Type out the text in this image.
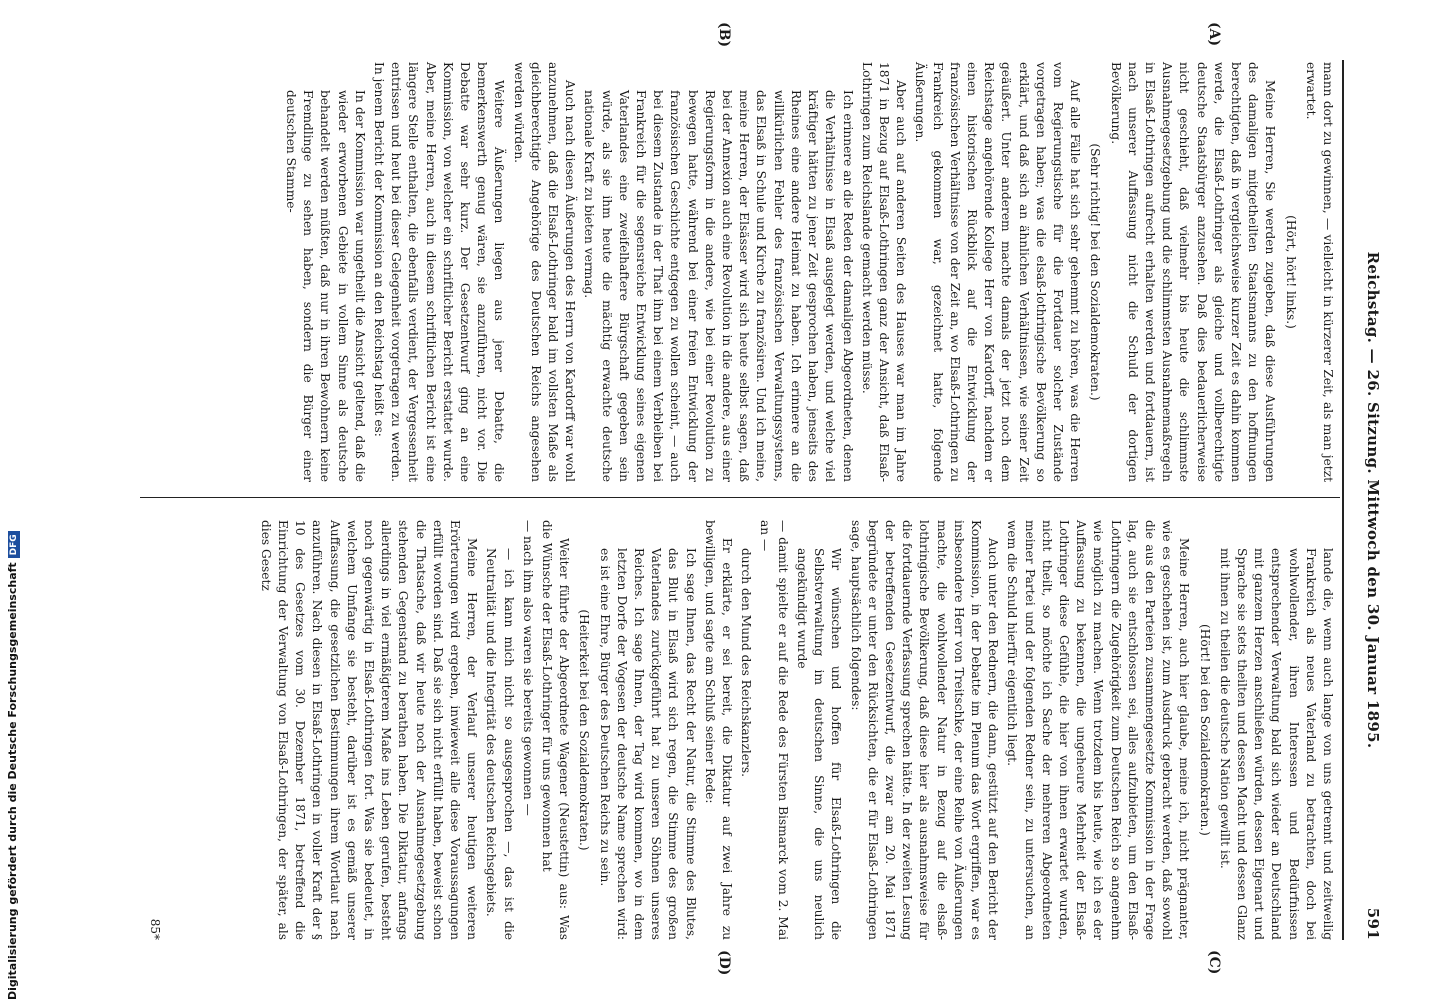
Reichstag. — 26. Sitzung. Mittwoch den 30. Januar 1895.
591
(A)
(B)
(C)
(D)

mann dort zu gewinnen, — vielleicht in kürzerer Zeit, als man jetzt erwartet.

(Hört, hört! links.)

Meine Herren, Sie werden zugeben, daß diese Ausführungen des damaligen mitgetheilten Staatsmanns zu den hoffnungen berechtigten, daß in vergleichsweise kurzer Zeit es dahin kommen werde, die Elsaß-Lothringer als gleiche und vollberechtigte deutsche Staatsbürger anzusehen. Daß dies bedauerlicherweise nicht geschieht, daß vielmehr bis heute die schlimmste Ausnahmegesetzgebung und die schlimmsten Ausnahmemaßregeln in Elsaß-Lothringen aufrecht erhalten werden und fortdauern, ist nach unserer Auffassung nicht die Schuld der dortigen Bevölkerung.

(Sehr richtig! bei den Sozialdemokraten.)

Auf alle Fälle hat sich sehr gehemmt zu hören, was die Herren vom Regierungstische für die Fortdauer solcher Zustände vorgetragen haben; was die elsaß-lothringische Bevölkerung so erklärt, und daß sich an ähnlichen Verhältnissen, wie seiner Zeit geäußert. Unter anderem machte damals der jetzt noch dem Reichstage angehörende Kollege Herr von Kardorff, nachdem er einen historischen Rückblick auf die Entwicklung der französischen Verhältnisse von der Zeit an, wo Elsaß-Lothringen zu Frankreich gekommen war, gezeichnet hatte, folgende Äußerungen.

Aber auch auf anderen Seiten des Hauses war man im Jahre 1871 in Bezug auf Elsaß-Lothringen ganz der Ansicht, daß Elsaß-Lothringen zum Reichslande gemacht werden müsse.

Ich erinnere an die Reden der damaligen Abgeordneten, denen die Verhältnisse in Elsaß ausgelegt werden, und welche viel kräftiger hätten zu jener Zeit gesprochen haben, jenseits des Rheines eine andere Heimat zu haben. Ich erinnere an die willkürlichen Fehler des französischen Verwaltungssystems, das Elsaß in Schule und Kirche zu französiren. Und ich meine, meine Herren, der Elsässer wird sich heute selbst sagen, daß bei der Annexion auch eine Revolution in die andere, aus einer Regierungsform in die andere, wie bei einer Revolution zu bewegen hatte, während bei einer freien Entwicklung der französischen Geschichte entgegen zu wollen scheint, — auch bei diesem Zustande in der That ihm bei einem Verbleiben bei Frankreich für die segensreiche Entwicklung seines eigenen Vaterlandes eine zweifelhaftere Bürgschaft gegeben sein würde, als sie ihm heute die mächtig erwachte deutsche nationale Kraft zu bieten vermag.

Auch nach diesen Äußerungen des Herrn von Kardorff war wohl anzunehmen, daß die Elsaß-Lothringer bald im vollsten Maße als gleichberechtigte Angehörige des Deutschen Reichs angesehen werden würden.

Weitere Äußerungen liegen aus jener Debatte, die bemerkenswerth genug wären, sie anzuführen, nicht vor. Die Debatte war sehr kurz. Der Gesetzentwurf ging an eine Kommission, von welcher ein schriftlicher Bericht erstattet wurde. Aber, meine Herren, auch in diesem schriftlichen Bericht ist eine längere Stelle enthalten, die ebenfalls verdient, der Vergessenheit entrissen und heut bei dieser Gelegenheit vorgetragen zu werden. In jenem Bericht der Kommission an den Reichstag heißt es:

In der Kommission war ungetheilt die Ansicht geltend, daß die wieder erworbenen Gebiete in vollem Sinne als deutsche behandelt werden müßten, daß nur in ihren Bewohnern keine Fremdlinge zu sehen haben, sondern die Bürger einer deutschen Stamme-

lande die, wenn auch lange von uns getrennt und zeitweilig Frankreich als neues Vaterland zu betrachten, doch bei wohlwollender, ihren Interessen und Bedürfnissen entsprechender Verwaltung bald sich wieder an Deutschland mit ganzem Herzen anschließen würden, dessen Eigenart und Sprache sie stets theilten und dessen Macht und dessen Glanz mit ihnen zu theilen die deutsche Nation gewillt ist.

(Hört! bei den Sozialdemokraten.)

Meine Herren, auch hier glaube, meine ich, nicht prägnanter, wie es geschehen ist, zum Ausdruck gebracht werden, daß sowohl die aus den Parteien zusammengesetzte Kommission in der Frage lag, auch sie entschlossen sei, alles aufzubieten, um den Elsaß-Lothringern die Zugehörigkeit zum Deutschen Reich so angenehm wie möglich zu machen. Wenn trotzdem bis heute, wie ich es der Auffassung zu bekennen, die ungeheure Mehrheit der Elsaß-Lothringer diese Gefühle, die hier von ihnen erwartet wurden, nicht theilt, so möchte ich Sache der mehreren Abgeordneten meiner Partei und der folgenden Redner sein, zu untersuchen, an wem die Schuld hierfür eigentlich liegt.

Auch unter den Rednern, die dann, gestützt auf den Bericht der Kommission, in der Debatte im Plenum das Wort ergriffen, war es insbesondere Herr von Treitschke, der eine Reihe von Äußerungen machte, die wohlwollender Natur in Bezug auf die elsaß-lothringische Bevölkerung, daß diese hier als ausnahmsweise für die fortdauernde Verfassung sprechen hätte. In der zweiten Lesung der betreffenden Gesetzentwurf, die zwar am 20. Mai 1871 begründete er unter den Rücksichten, die er für Elsaß-Lothringen sage, hauptsächlich folgendes:

Wir wünschen und hoffen für Elsaß-Lothringen die Selbstverwaltung im deutschen Sinne, die uns neulich angekündigt wurde

— damit spielte er auf die Rede des Fürsten Bismarck vom 2. Mai an —

durch den Mund des Reichskanzlers.

Er erklärte, er sei bereit, die Diktatur auf zwei Jahre zu bewilligen, und sagte am Schluß seiner Rede:

Ich sage Ihnen, das Recht der Natur, die Stimme des Blutes, das Blut in Elsaß wird sich regen, die Stimme des großen Vaterlandes zurückgeführt hat zu unseren Söhnen unseres Reiches. Ich sage Ihnen, der Tag wird kommen, wo in dem letzten Dorfe der Vogesen der deutsche Name sprechen wird: es ist eine Ehre, Bürger des Deutschen Reichs zu sein.

(Heiterkeit bei den Sozialdemokraten.)

Weiter führte der Abgeordnete Wagener (Neustettin) aus: Was die Wünsche der Elsaß-Lothringer für uns gewonnen hat

— nach ihm also waren sie bereits gewonnen —

— ich kann mich nicht so ausgesprochen —, das ist die Neutralität und die Integrität des deutschen Reichsgebiets.

Meine Herren, der Verlauf unserer heutigen weiteren Erörterungen wird ergeben, inwieweit alle diese Voraussagungen erfüllt worden sind. Daß sie sich nicht erfüllt haben, beweist schon die Thatsache, daß wir heute noch der Ausnahmegesetzgebung stehenden Gegenstand zu berathen haben. Die Diktatur, anfangs allerdings in viel ermäßigterem Maße ins Leben gerufen, besteht noch gegenwärtig in Elsaß-Lothringen fort. Was sie bedeutet, in welchem Umfange sie besteht, darüber ist es gemäß unserer Auffassung, die gesetzlichen Bestimmungen ihrem Wortlaut nach anzuführen. Nach diesen in Elsaß-Lothringen in voller Kraft der § 10 des Gesetzes vom 30. Dezember 1871, betreffend die Einrichtung der Verwaltung von Elsaß-Lothringen, der später, als dies Gesetz

85*
Digitalisierung gefördert durch die Deutsche ForschungsgemeinschaftDFG
